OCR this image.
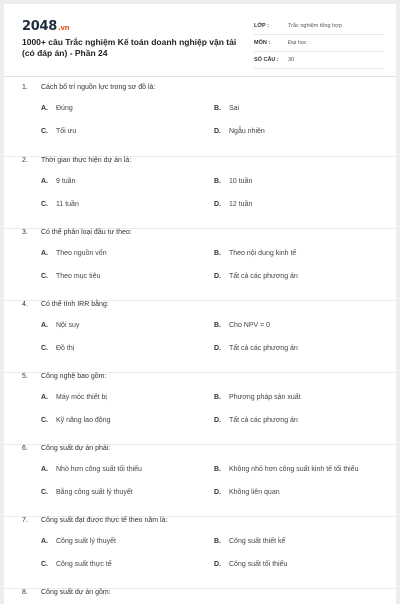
2048.vn
1000+ câu Trắc nghiệm Kế toán doanh nghiệp vận tải (có đáp án) - Phần 24
LỚP :	Trắc nghiệm tổng hợp
MÔN :	Đại học
SỐ CÂU :	30
1.	Cách bố trí nguồn lực trong sơ đồ là:
A.	Đúng	B.	Sai
C.	Tối ưu	D.	Ngẫu nhiên
2.	Thời gian thực hiện dự án là:
A.	9 tuần	B.	10 tuần
C.	11 tuần	D.	12 tuần
3.	Có thể phân loại đầu tư theo:
A.	Theo nguồn vốn	B.	Theo nội dung kinh tế
C.	Theo mục tiêu	D.	Tất cả các phương án
4.	Có thể tính IRR bằng:
A.	Nội suy	B.	Cho NPV = 0
C.	Đồ thị	D.	Tất cả các phương án
5.	Công nghệ bao gồm:
A.	Máy móc thiết bị	B.	Phương pháp sản xuất
C.	Kỹ năng lao động	D.	Tất cả các phương án
6.	Công suất dự án phải:
A.	Nhỏ hơn công suất tối thiểu	B.	Không nhỏ hơn công suất kinh tế tối thiểu
C.	Bằng công suất lý thuyết	D.	Không liên quan
7.	Công suất đạt được thực tế theo năm là:
A.	Công suất lý thuyết	B.	Công suất thiết kế
C.	Công suất thực tế	D.	Công suất tối thiểu
8.	Công suất dự án gồm:
